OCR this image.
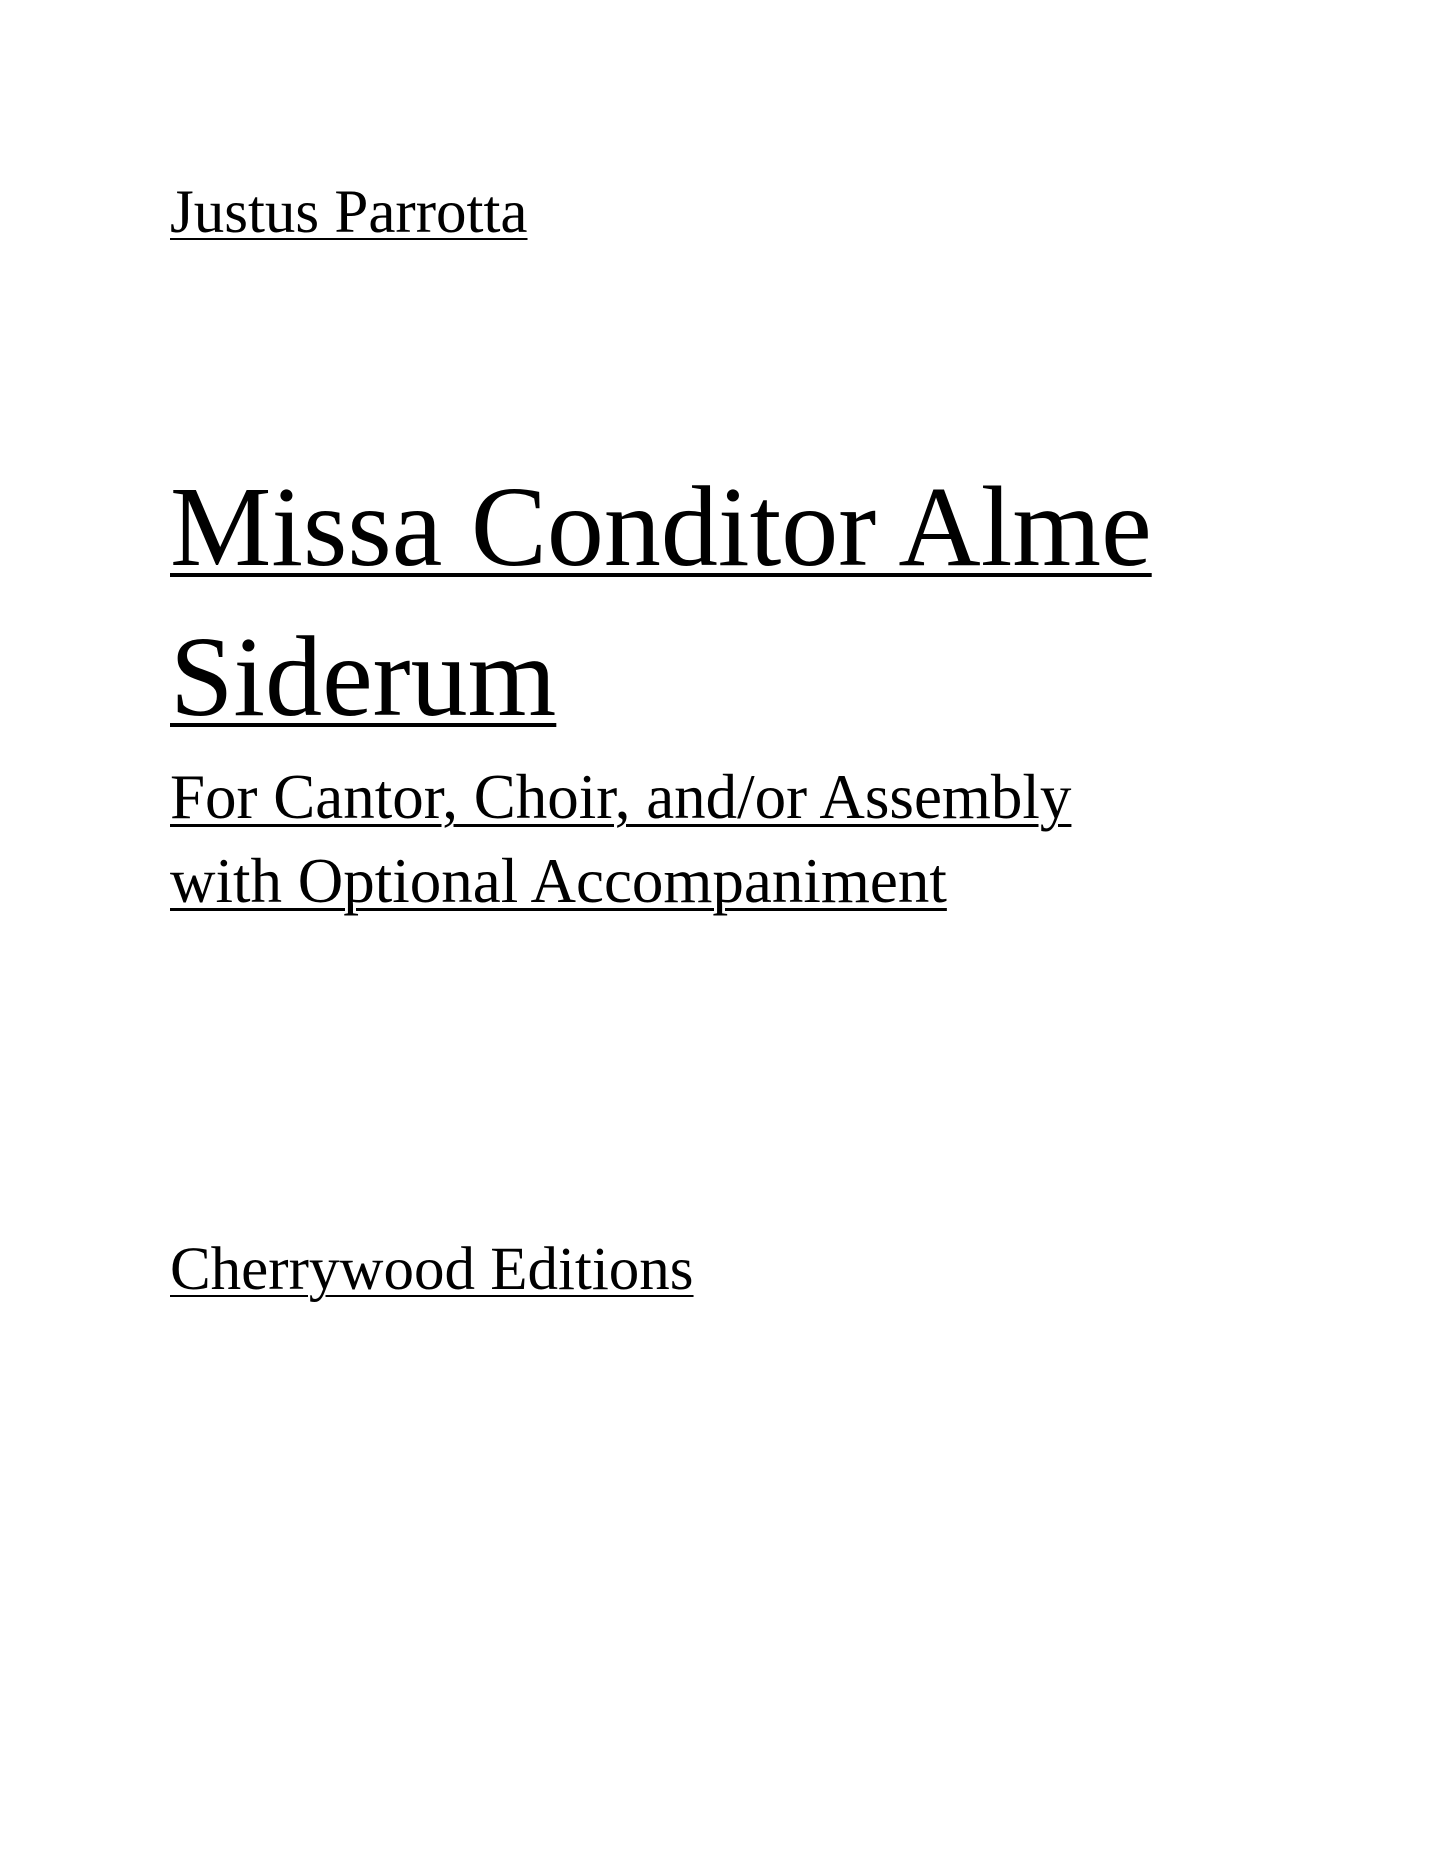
Justus Parrotta

Missa Conditor Alme
Siderum
For Cantor, Choir, and/or Assembly
with Optional Accompaniment

Cherrywood Editions
